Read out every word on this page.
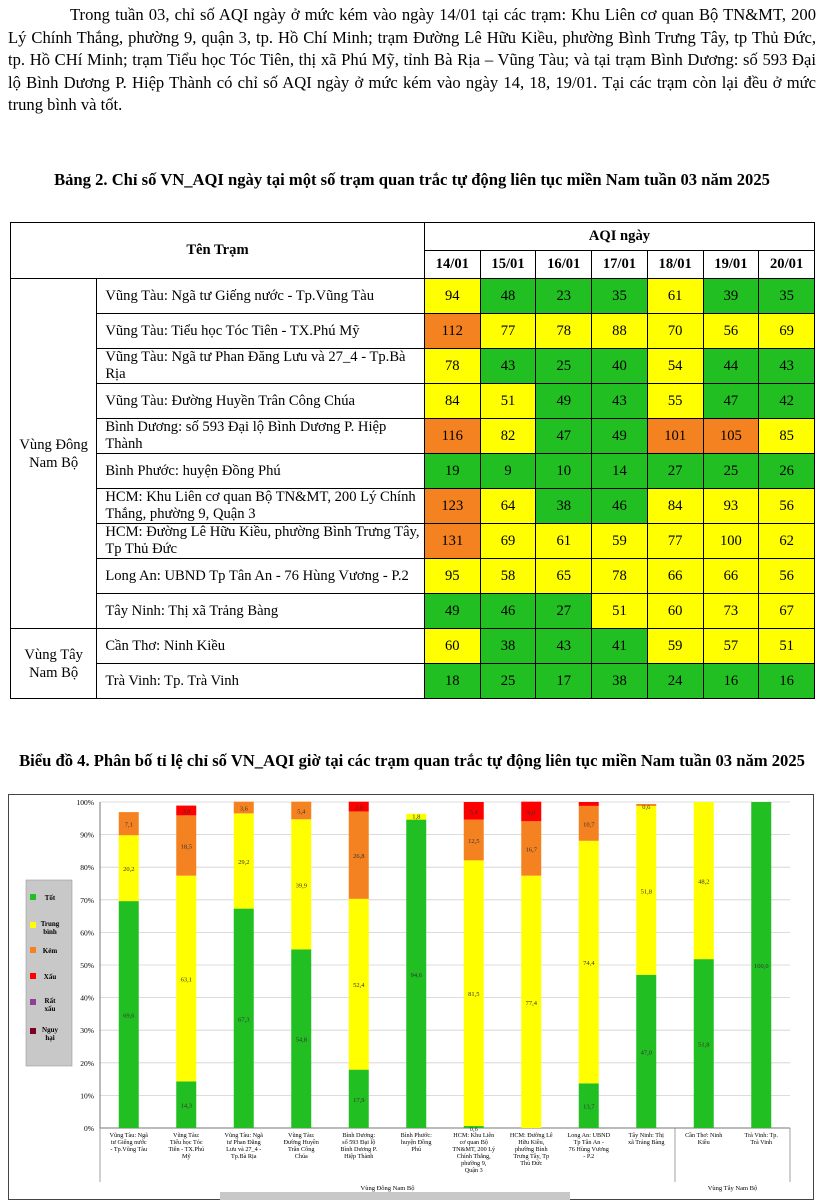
Trong tuần 03, chỉ số AQI ngày ở mức kém vào ngày 14/01 tại các trạm: Khu Liên cơ quan Bộ TN&MT, 200 Lý Chính Thắng, phường 9, quận 3, tp. Hồ Chí Minh; trạm Đường Lê Hữu Kiều, phường Bình Trưng Tây, tp Thủ Đức, tp. Hồ CHí Minh; trạm Tiểu học Tóc Tiên, thị xã Phú Mỹ, tỉnh Bà Rịa – Vũng Tàu; và tại trạm Bình Dương: số 593 Đại lộ Bình Dương P. Hiệp Thành có chỉ số AQI ngày ở mức kém vào ngày 14, 18, 19/01. Tại các trạm còn lại đều ở mức trung bình và tốt.

Bảng 2. Chỉ số VN_AQI ngày tại một số trạm quan trắc tự động liên tục miền Nam tuần 03 năm 2025

Tên Trạm		AQI ngày						
		14/01	15/01	16/01	17/01	18/01	19/01	20/01
Vùng Đông Nam Bộ	Vũng Tàu: Ngã tư Giếng nước - Tp.Vũng Tàu	94	48	23	35	61	39	35
	Vũng Tàu: Tiểu học Tóc Tiên - TX.Phú Mỹ	112	77	78	88	70	56	69
	Vũng Tàu: Ngã tư Phan Đăng Lưu và 27_4 - Tp.Bà Rịa	78	43	25	40	54	44	43
	Vũng Tàu: Đường Huyền Trân Công Chúa	84	51	49	43	55	47	42
	Bình Dương: số 593 Đại lộ Bình Dương P. Hiệp Thành	116	82	47	49	101	105	85
	Bình Phước: huyện Đồng Phú	19	9	10	14	27	25	26
	HCM: Khu Liên cơ quan Bộ TN&MT, 200 Lý Chính Thắng, phường 9, Quận 3	123	64	38	46	84	93	56
	HCM: Đường Lê Hữu Kiều, phường Bình Trưng Tây, Tp Thủ Đức	131	69	61	59	77	100	62
	Long An: UBND Tp Tân An - 76 Hùng Vương - P.2	95	58	65	78	66	66	56
	Tây Ninh: Thị xã Trảng Bàng	49	46	27	51	60	73	67
Vùng Tây Nam Bộ	Cần Thơ: Ninh Kiều	60	38	43	41	59	57	51
	Trà Vinh: Tp. Trà Vinh	18	25	17	38	24	16	16

Biểu đồ 4. Phân bố tỉ lệ chỉ số VN_AQI giờ tại các trạm quan trắc tự động liên tục miền Nam tuần 03 năm 2025

0%
10%
20%
30%
40%
50%
60%
70%
80%
90%
100%
Tốt
Trung
bình
Kém
Xấu
Rất
xấu
Nguy
hại
69,6
20,2
7,1
Vũng Tàu: Ngã
tư Giếng nước
- Tp.Vũng Tàu
14,3
63,1
18,5
3,0
Vũng Tàu:
Tiểu học Tóc
Tiên - TX.Phú
Mỹ
67,3
29,2
3,6
Vũng Tàu: Ngã
tư Phan Đăng
Lưu và 27_4 -
Tp.Bà Rịa
54,8
39,9
5,4
Vũng Tàu:
Đường Huyền
Trân Công
Chúa
17,9
52,4
26,8
3,0
Bình Dương:
số 593 Đại lộ
Bình Dương P.
Hiệp Thành
94,6
1,8
Bình Phước:
huyện Đồng
Phú
0,6
81,5
12,5
5,4
HCM: Khu Liên
cơ quan Bộ
TN&MT, 200 Lý
Chính Thắng,
phường 9,
Quận 3
77,4
16,7
6,0
HCM: Đường Lê
Hữu Kiều,
phường Bình
Trưng Tây, Tp
Thủ Đức
13,7
74,4
10,7
Long An: UBND
Tp Tân An -
76 Hùng Vương
- P.2
47,0
51,8
0,6
Tây Ninh: Thị
xã Trảng Bàng
51,8
48,2
Cần Thơ: Ninh
Kiều
100,0
Trà Vinh: Tp.
Trà Vinh
Vùng Đông Nam Bộ	Vùng Tây Nam Bộ
